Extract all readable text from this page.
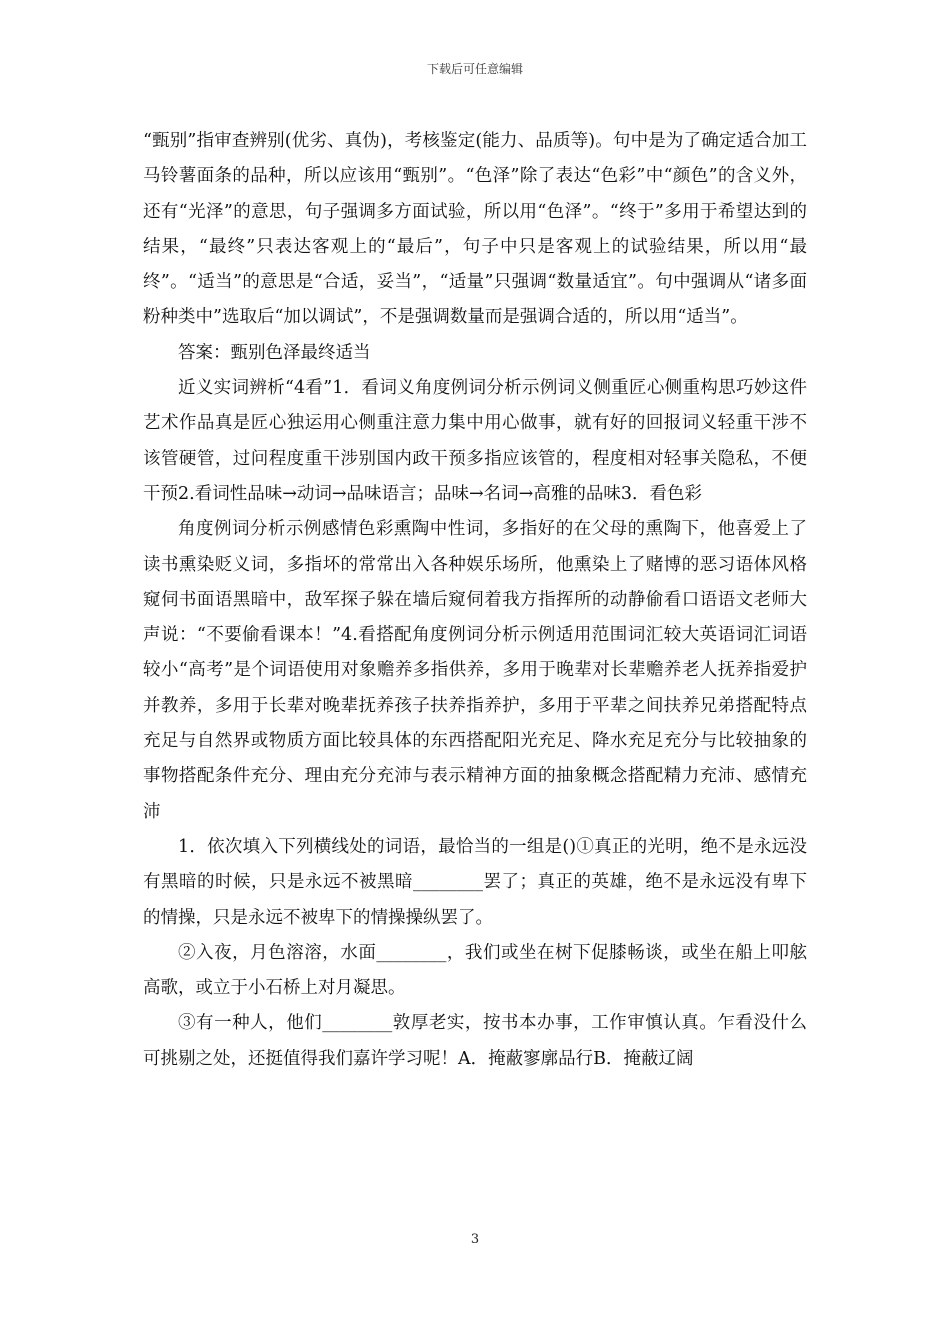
下载后可任意编辑

“甄别”指审查辨别(优劣、真伪)，考核鉴定(能力、品质等)。句中是为了确定适合加工马铃薯面条的品种，所以应该用“甄别”。“色泽”除了表达“色彩”中“颜色”的含义外，还有“光泽”的意思，句子强调多方面试验，所以用“色泽”。“终于”多用于希望达到的结果，“最终”只表达客观上的“最后”，句子中只是客观上的试验结果，所以用“最终”。“适当”的意思是“合适，妥当”，“适量”只强调“数量适宜”。句中强调从“诸多面粉种类中”选取后“加以调试”，不是强调数量而是强调合适的，所以用“适当”。

答案：甄别色泽最终适当

近义实词辨析“4看”1．看词义角度例词分析示例词义侧重匠心侧重构思巧妙这件艺术作品真是匠心独运用心侧重注意力集中用心做事，就有好的回报词义轻重干涉不该管硬管，过问程度重干涉别国内政干预多指应该管的，程度相对轻事关隐私，不便干预2.看词性品味→动词→品味语言；品味→名词→高雅的品味3．看色彩

角度例词分析示例感情色彩熏陶中性词，多指好的在父母的熏陶下，他喜爱上了读书熏染贬义词，多指坏的常常出入各种娱乐场所，他熏染上了赌博的恶习语体风格窥伺书面语黑暗中，敌军探子躲在墙后窥伺着我方指挥所的动静偷看口语语文老师大声说：“不要偷看课本！”4.看搭配角度例词分析示例适用范围词汇较大英语词汇词语较小“高考”是个词语使用对象赡养多指供养，多用于晚辈对长辈赡养老人抚养指爱护并教养，多用于长辈对晚辈抚养孩子扶养指养护，多用于平辈之间扶养兄弟搭配特点充足与自然界或物质方面比较具体的东西搭配阳光充足、降水充足充分与比较抽象的事物搭配条件充分、理由充分充沛与表示精神方面的抽象概念搭配精力充沛、感情充沛

1．依次填入下列横线处的词语，最恰当的一组是()①真正的光明，绝不是永远没有黑暗的时候，只是永远不被黑暗________罢了；真正的英雄，绝不是永远没有卑下的情操，只是永远不被卑下的情操操纵罢了。

②入夜，月色溶溶，水面________，我们或坐在树下促膝畅谈，或坐在船上叩舷高歌，或立于小石桥上对月凝思。

③有一种人，他们________敦厚老实，按书本办事，工作审慎认真。乍看没什么可挑剔之处，还挺值得我们嘉许学习呢！A．掩蔽寥廓品行B．掩蔽辽阔

3
